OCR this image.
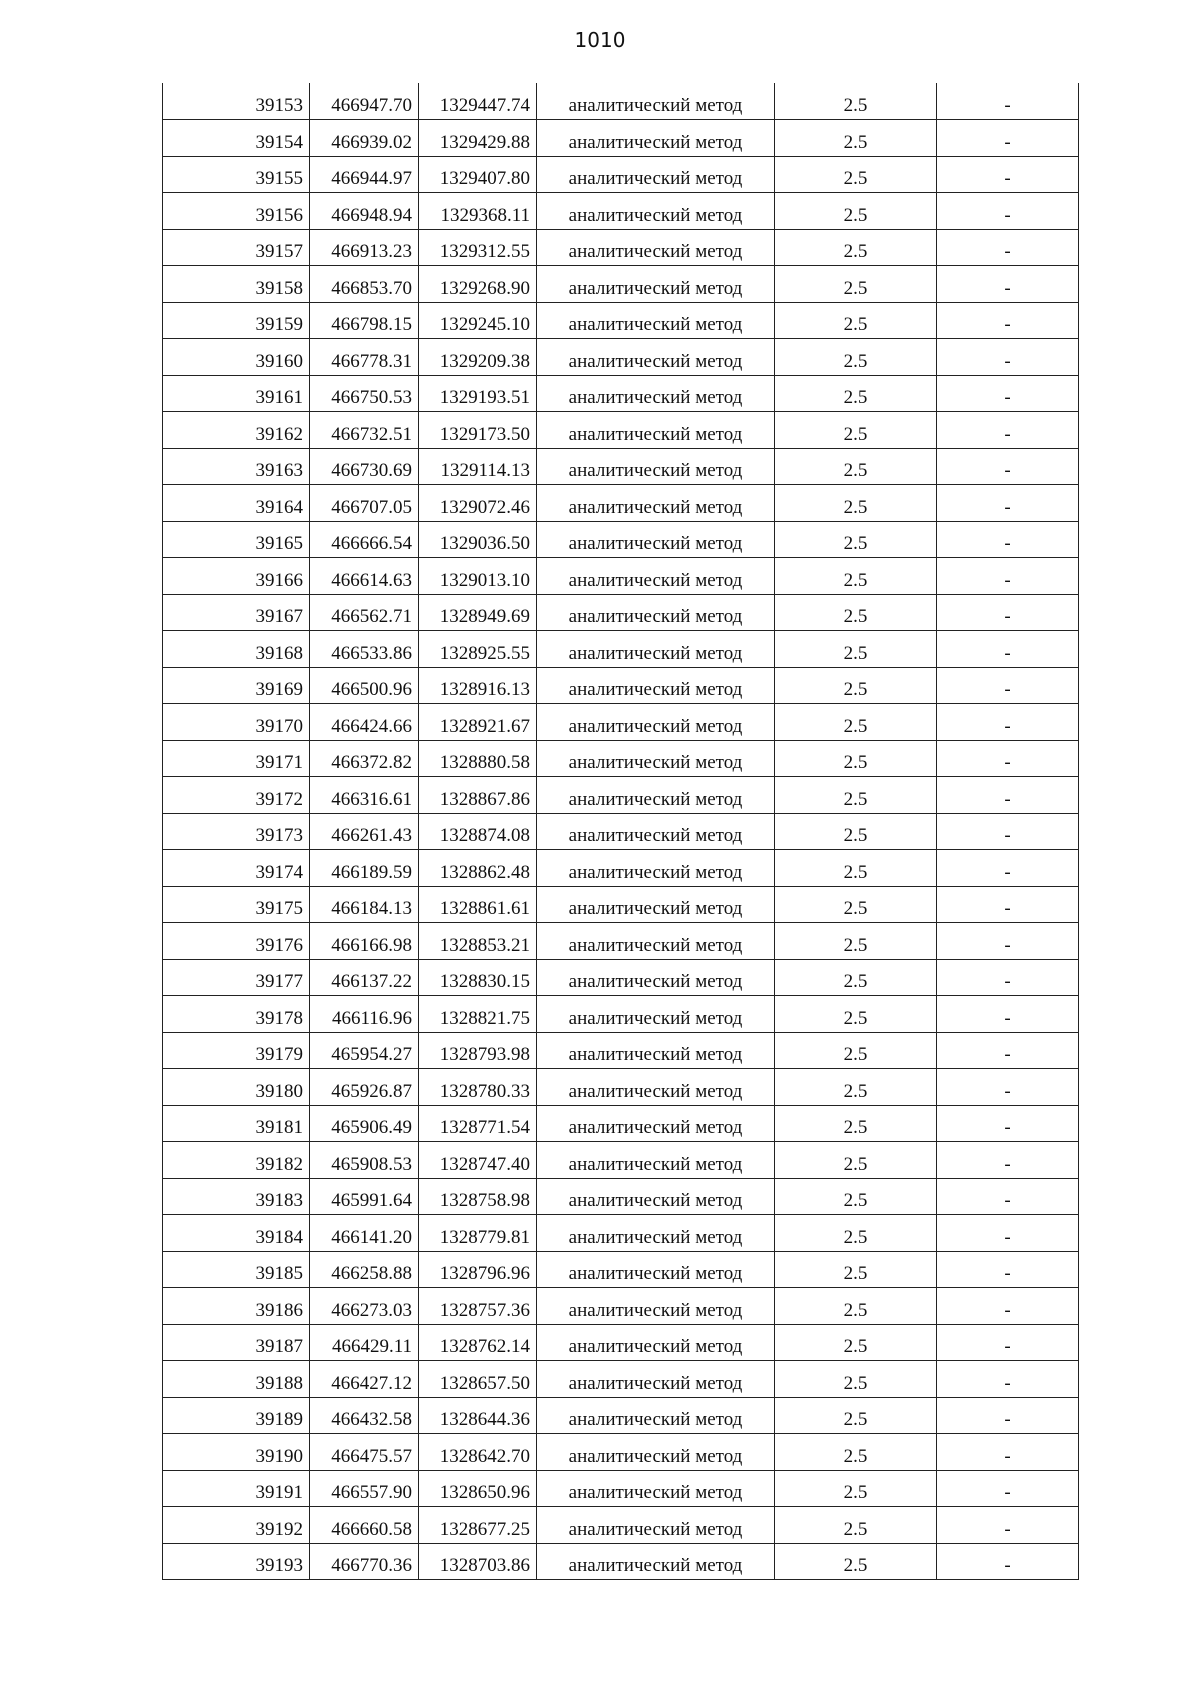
1010
39153	466947.70	1329447.74	аналитический метод	2.5	-
39154	466939.02	1329429.88	аналитический метод	2.5	-
39155	466944.97	1329407.80	аналитический метод	2.5	-
39156	466948.94	1329368.11	аналитический метод	2.5	-
39157	466913.23	1329312.55	аналитический метод	2.5	-
39158	466853.70	1329268.90	аналитический метод	2.5	-
39159	466798.15	1329245.10	аналитический метод	2.5	-
39160	466778.31	1329209.38	аналитический метод	2.5	-
39161	466750.53	1329193.51	аналитический метод	2.5	-
39162	466732.51	1329173.50	аналитический метод	2.5	-
39163	466730.69	1329114.13	аналитический метод	2.5	-
39164	466707.05	1329072.46	аналитический метод	2.5	-
39165	466666.54	1329036.50	аналитический метод	2.5	-
39166	466614.63	1329013.10	аналитический метод	2.5	-
39167	466562.71	1328949.69	аналитический метод	2.5	-
39168	466533.86	1328925.55	аналитический метод	2.5	-
39169	466500.96	1328916.13	аналитический метод	2.5	-
39170	466424.66	1328921.67	аналитический метод	2.5	-
39171	466372.82	1328880.58	аналитический метод	2.5	-
39172	466316.61	1328867.86	аналитический метод	2.5	-
39173	466261.43	1328874.08	аналитический метод	2.5	-
39174	466189.59	1328862.48	аналитический метод	2.5	-
39175	466184.13	1328861.61	аналитический метод	2.5	-
39176	466166.98	1328853.21	аналитический метод	2.5	-
39177	466137.22	1328830.15	аналитический метод	2.5	-
39178	466116.96	1328821.75	аналитический метод	2.5	-
39179	465954.27	1328793.98	аналитический метод	2.5	-
39180	465926.87	1328780.33	аналитический метод	2.5	-
39181	465906.49	1328771.54	аналитический метод	2.5	-
39182	465908.53	1328747.40	аналитический метод	2.5	-
39183	465991.64	1328758.98	аналитический метод	2.5	-
39184	466141.20	1328779.81	аналитический метод	2.5	-
39185	466258.88	1328796.96	аналитический метод	2.5	-
39186	466273.03	1328757.36	аналитический метод	2.5	-
39187	466429.11	1328762.14	аналитический метод	2.5	-
39188	466427.12	1328657.50	аналитический метод	2.5	-
39189	466432.58	1328644.36	аналитический метод	2.5	-
39190	466475.57	1328642.70	аналитический метод	2.5	-
39191	466557.90	1328650.96	аналитический метод	2.5	-
39192	466660.58	1328677.25	аналитический метод	2.5	-
39193	466770.36	1328703.86	аналитический метод	2.5	-
